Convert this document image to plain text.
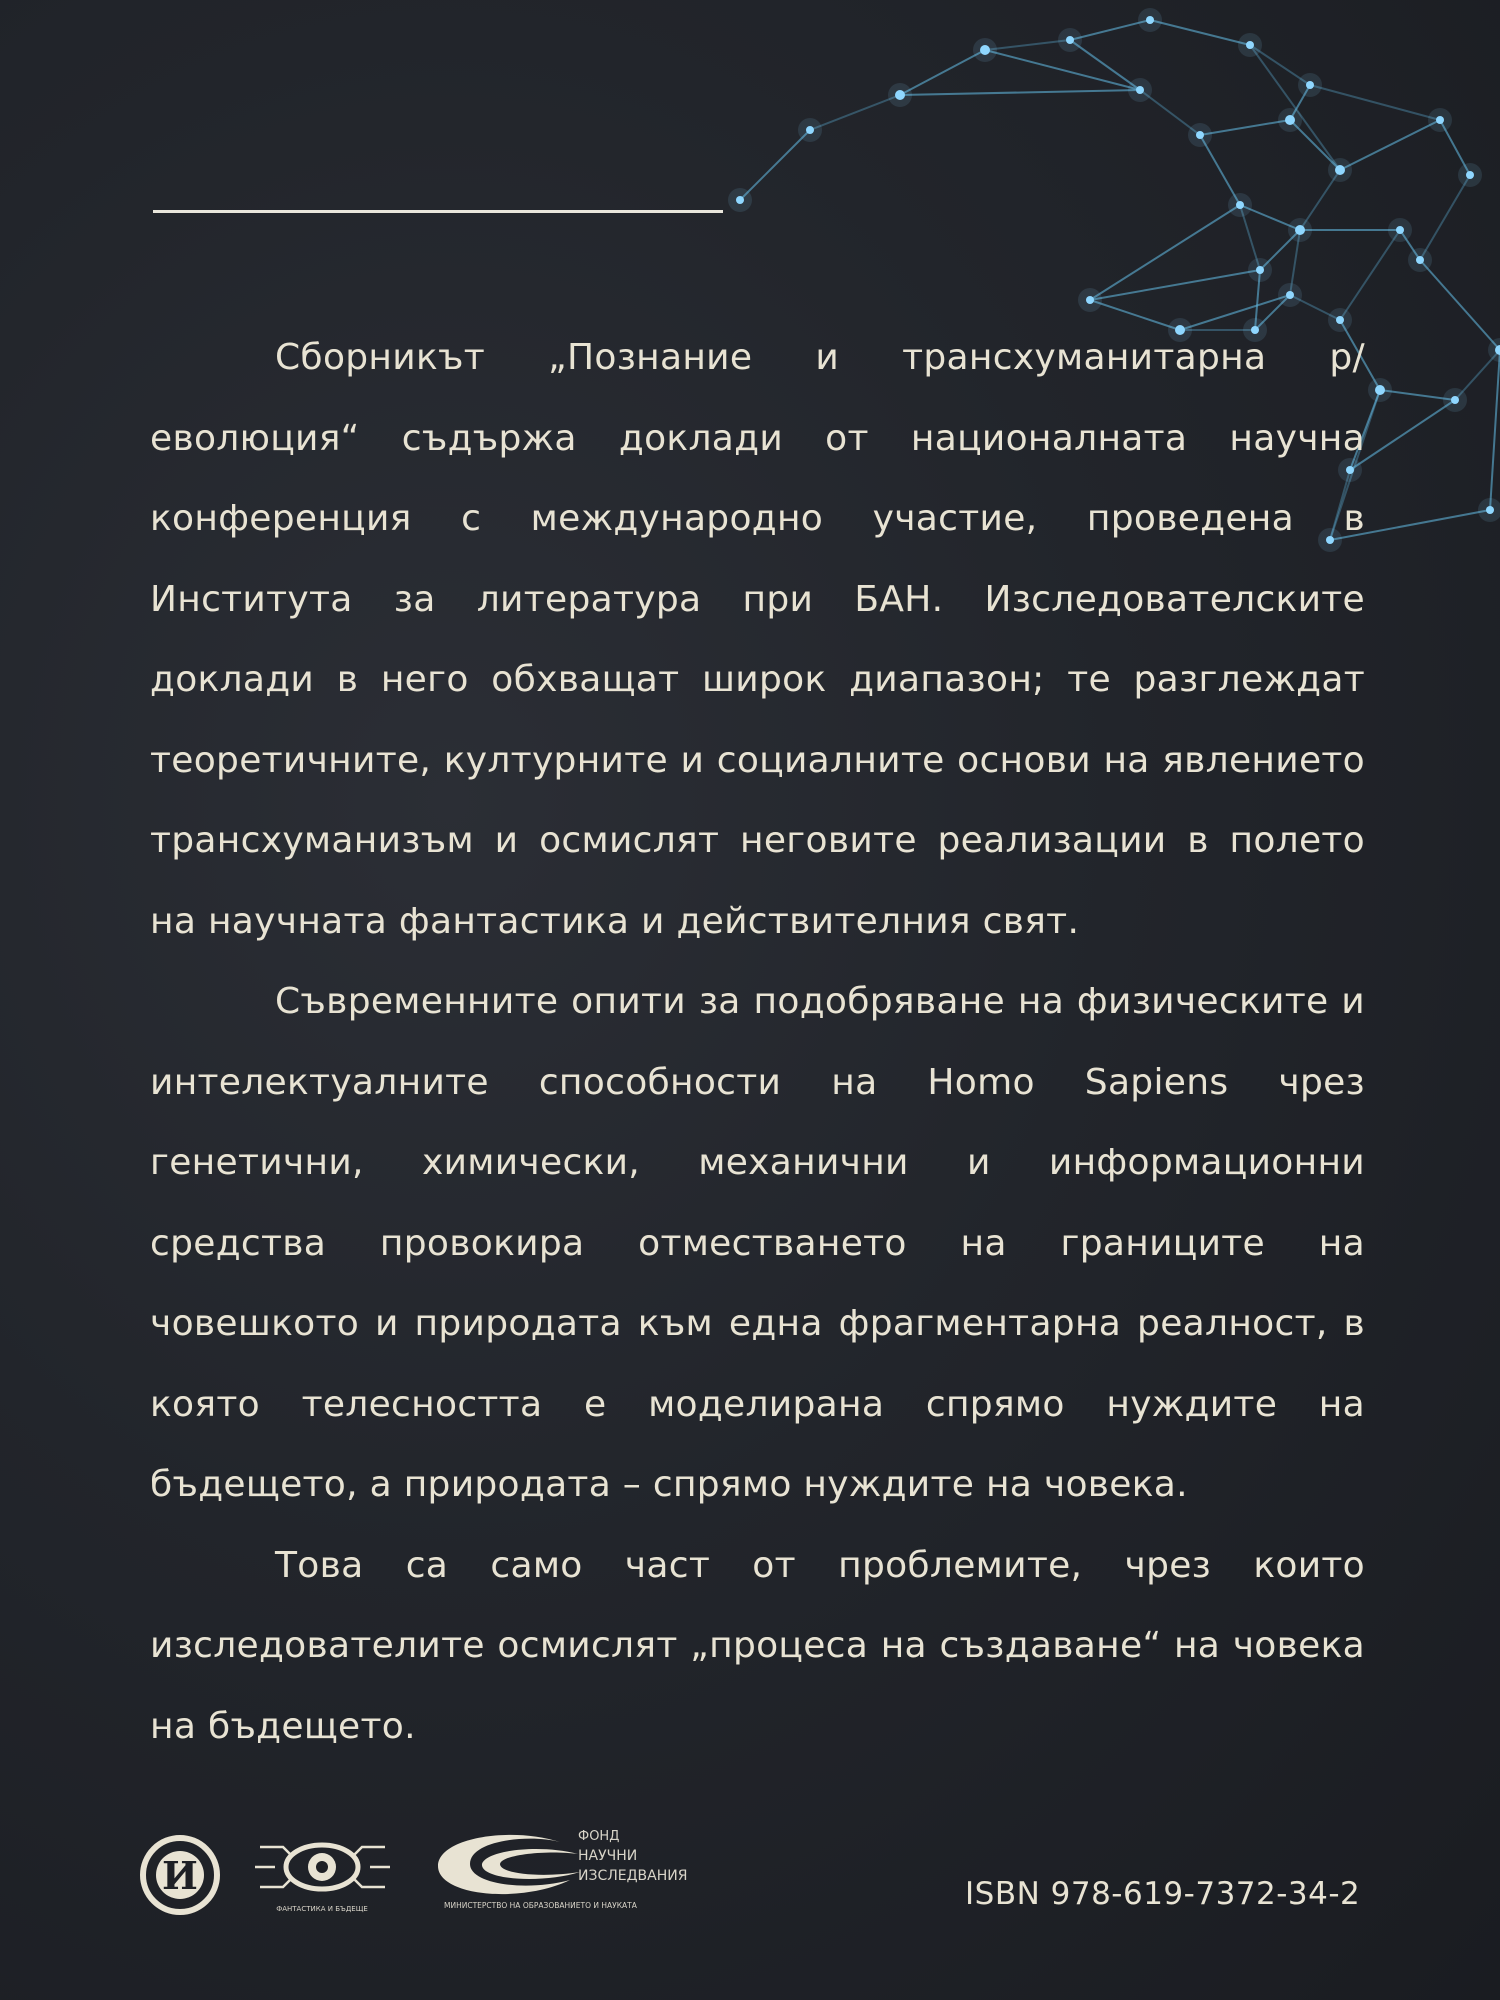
Сборникът „Познание и трансхуманитарна р/еволюция“ съдържа доклади от националната научна конференция с международно участие, проведена в Института за литература при БАН. Изследователските доклади в него обхващат широк диапазон; те разглеждат теоретичните, културните и социалните основи на явлението трансхуманизъм и осмислят неговите реализации в полето на научната фантастика и действителния свят.

Съвременните опити за подобряване на физическите и интелектуалните способности на Homo Sapiens чрез генетични, химически, механични и информационни средства провокира отместването на границите на човешкото и природата към една фрагментарна реалност, в която телесността е моделирана спрямо нуждите на бъдещето, а природата – спрямо нуждите на човека.

Това са само част от проблемите, чрез които изследователите осмислят „процеса на създаване“ на човека на бъдещето.

И
ФАНТАСТИКА И БЪДЕЩЕ
ФОНД
НАУЧНИ
ИЗСЛЕДВАНИЯ
МИНИСТЕРСТВО НА ОБРАЗОВАНИЕТО И НАУКАТА	ISBN 978-619-7372-34-2
